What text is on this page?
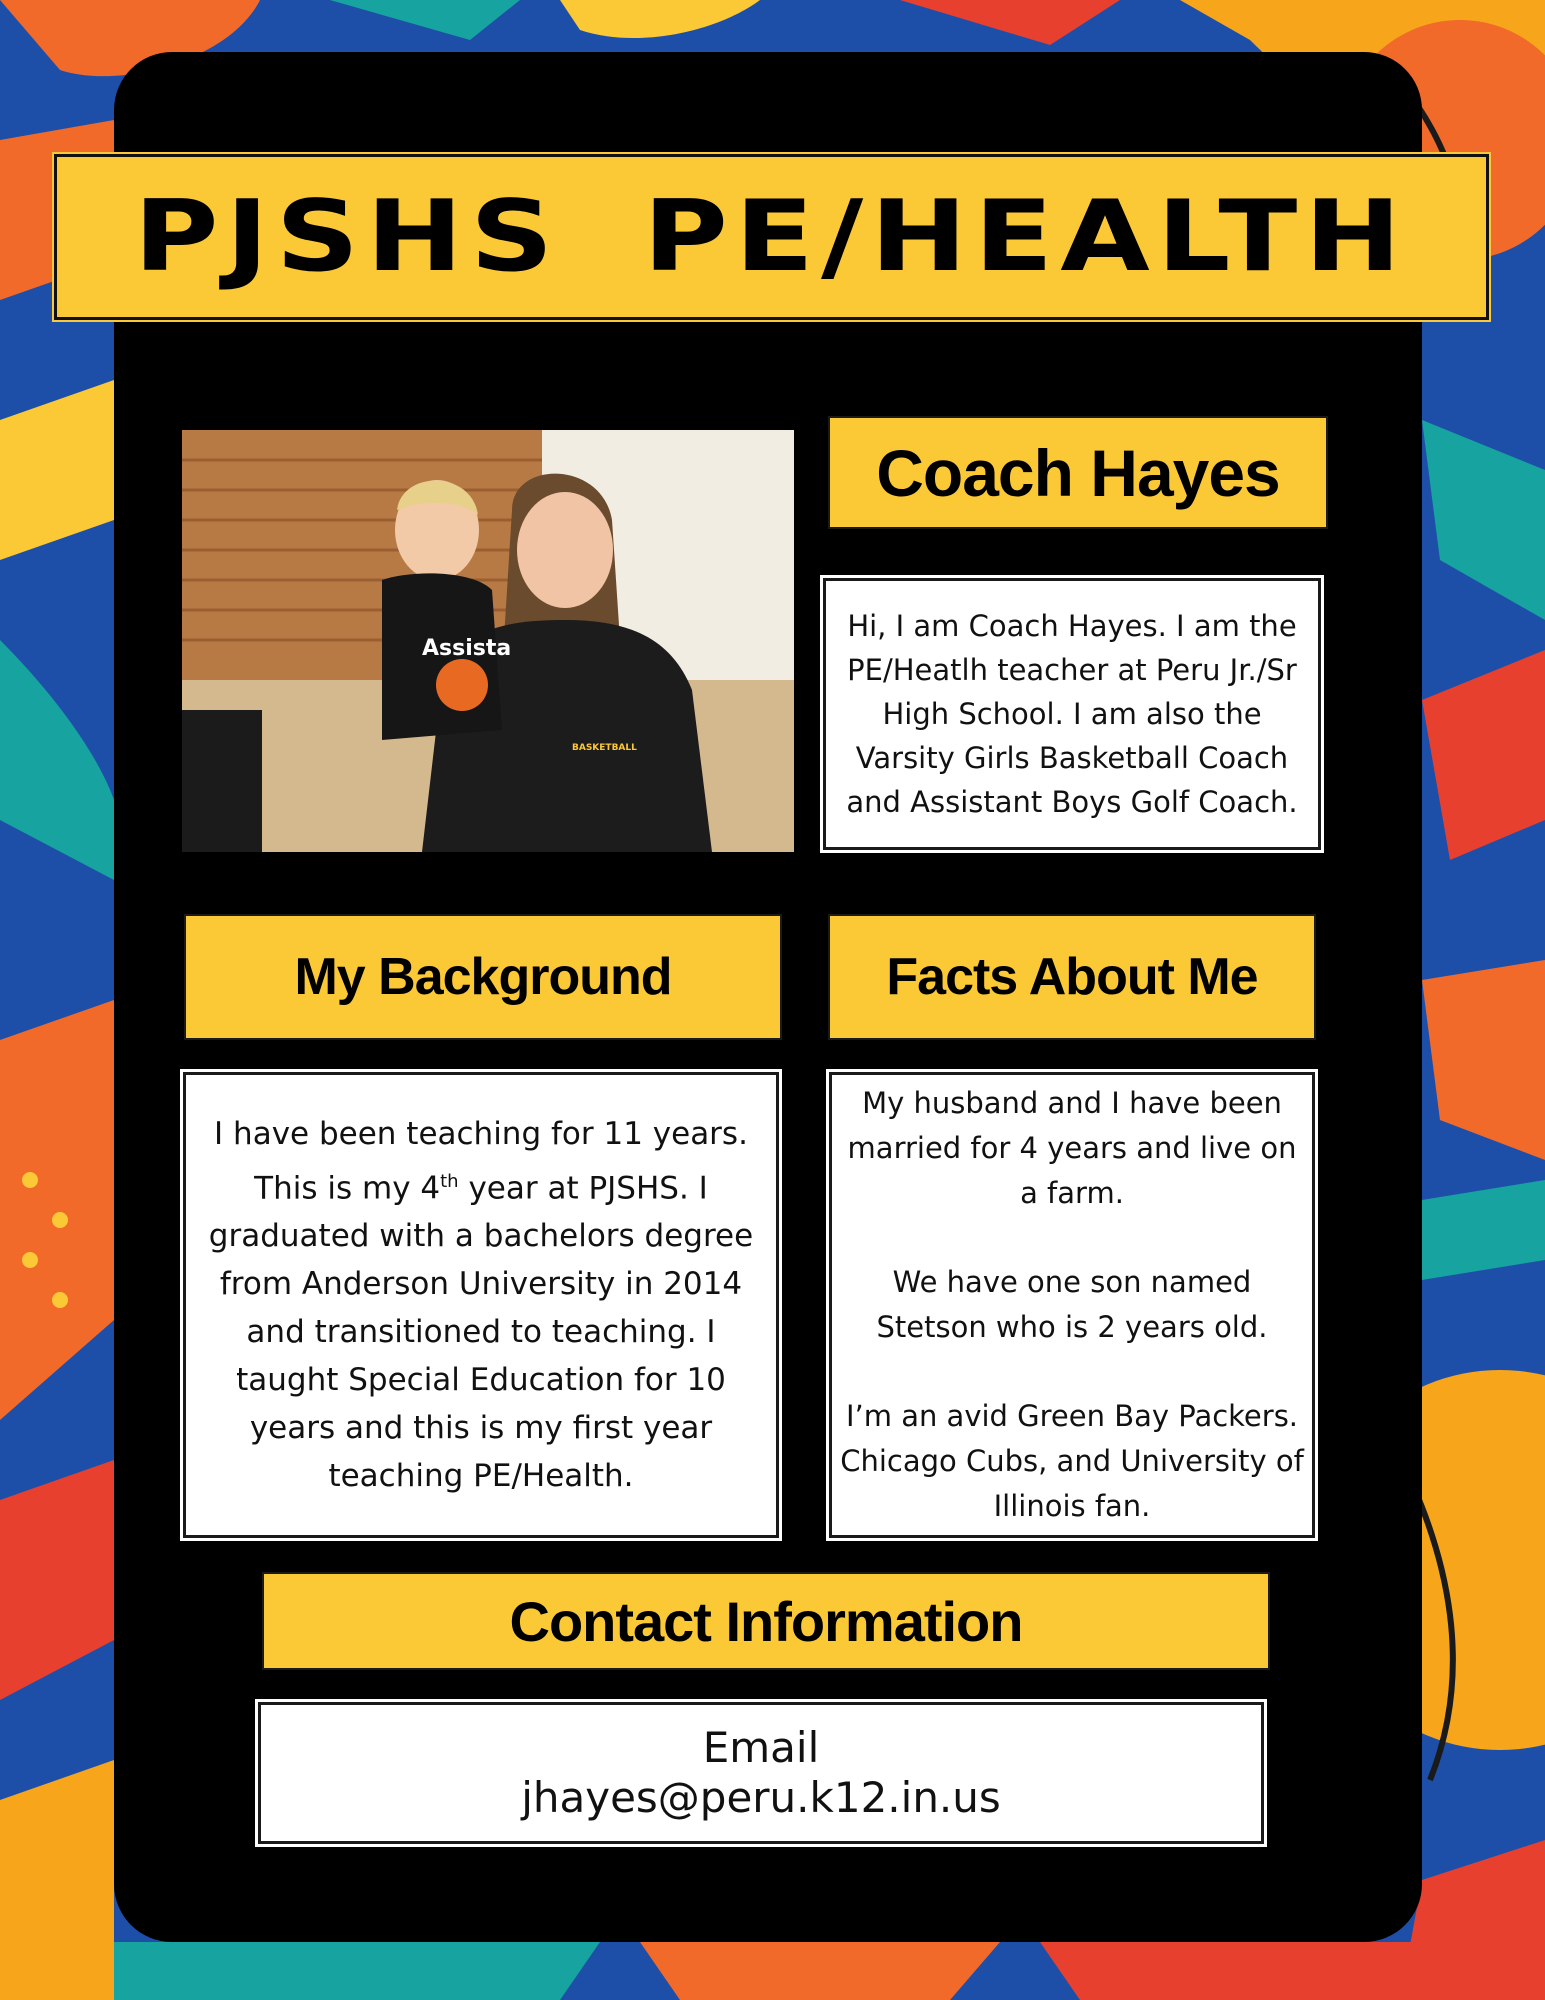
PJSHS PE/HEALTH
Assista
BASKETBALL
Coach Hayes

Hi, I am Coach Hayes. I am the PE/Heatlh teacher at Peru Jr./Sr High School. I am also the Varsity Girls Basketball Coach and Assistant Boys Golf Coach.

My Background	Facts About Me

I have been teaching for 11 years. This is my 4th year at PJSHS. I graduated with a bachelors degree from Anderson University in 2014 and transitioned to teaching. I taught Special Education for 10 years and this is my first year teaching PE/Health.

My husband and I have been married for 4 years and live on a farm.

We have one son named Stetson who is 2 years old.

I’m an avid Green Bay Packers. Chicago Cubs, and University of Illinois fan.

Contact Information
Email
jhayes@peru.k12.in.us
